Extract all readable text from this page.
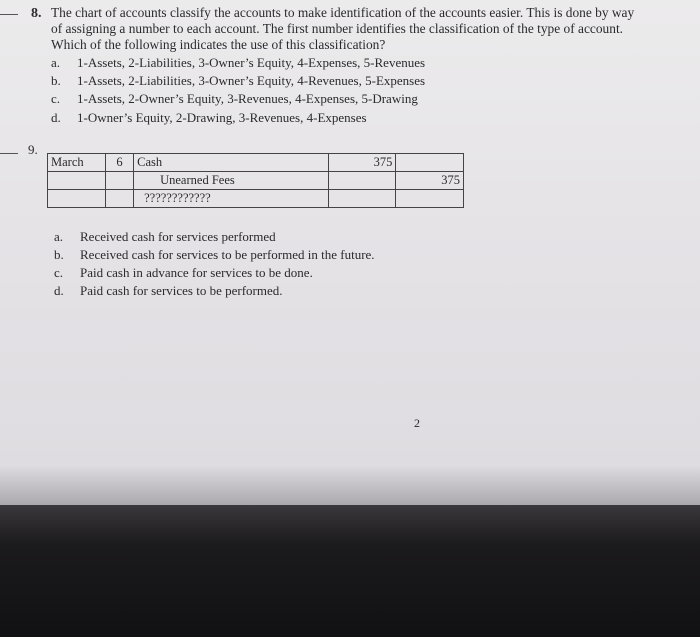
8. The chart of accounts classify the accounts to make identification of the accounts easier. This is done by way
of assigning a number to each account. The first number identifies the classification of the type of account.
Which of the following indicates the use of this classification?
a. 1-Assets, 2-Liabilities, 3-Owner’s Equity, 4-Expenses, 5-Revenues
b. 1-Assets, 2-Liabilities, 3-Owner’s Equity, 4-Revenues, 5-Expenses
c. 1-Assets, 2-Owner’s Equity, 3-Revenues, 4-Expenses, 5-Drawing
d. 1-Owner’s Equity, 2-Drawing, 3-Revenues, 4-Expenses
9.
March	6	Cash	375	
		Unearned Fees		375
		????????????		
a. Received cash for services performed
b. Received cash for services to be performed in the future.
c. Paid cash in advance for services to be done.
d. Paid cash for services to be performed.
2
